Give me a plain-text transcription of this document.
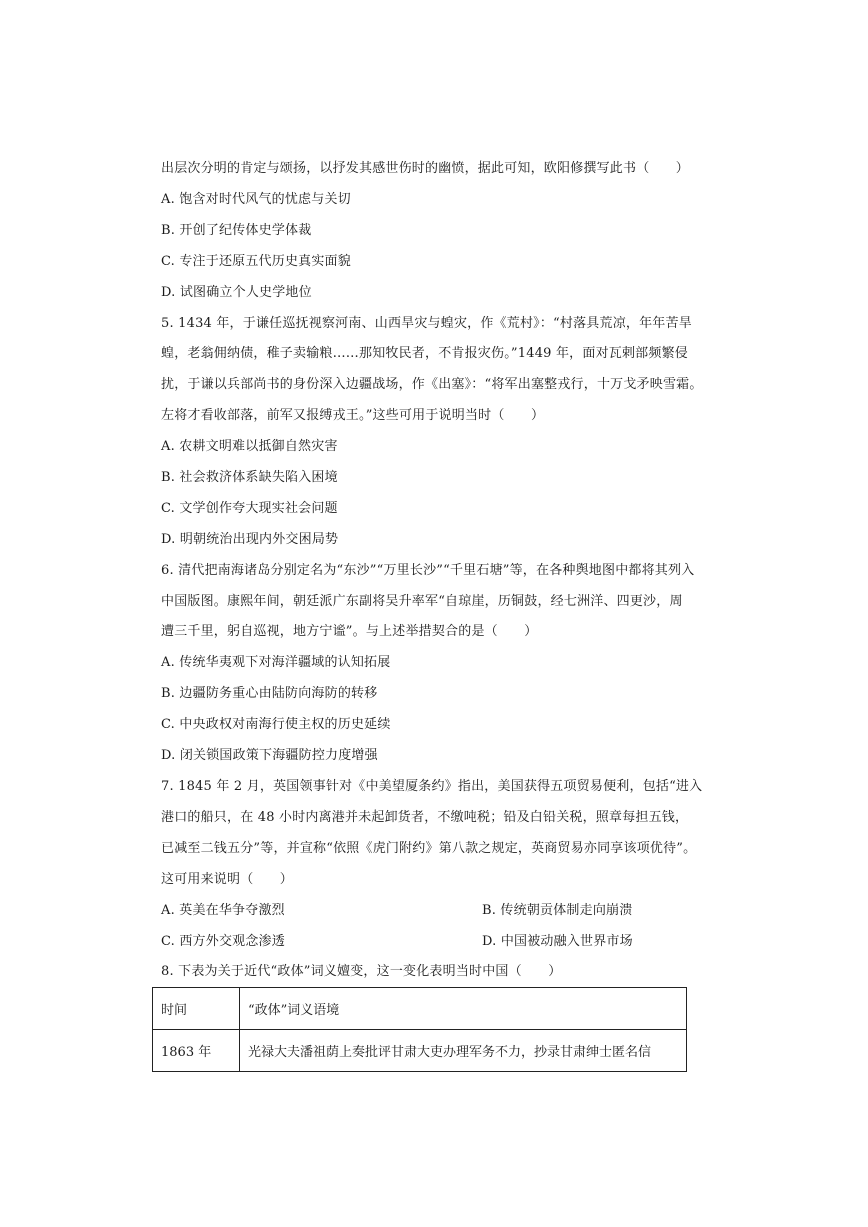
出层次分明的肯定与颂扬，以抒发其感世伤时的幽愤，据此可知，欧阳修撰写此书（　　）
A. 饱含对时代风气的忧虑与关切
B. 开创了纪传体史学体裁
C. 专注于还原五代历史真实面貌
D. 试图确立个人史学地位
5. 1434 年，于谦任巡抚视察河南、山西旱灾与蝗灾，作《荒村》：“村落具荒凉，年年苦旱
蝗，老翁佣纳债，稚子卖输粮……那知牧民者，不肯报灾伤。”1449 年，面对瓦剌部频繁侵
扰，于谦以兵部尚书的身份深入边疆战场，作《出塞》：“将军出塞整戎行，十万戈矛映雪霜。
左将才看收部落，前军又报缚戎王。”这些可用于说明当时（　　）
A. 农耕文明难以抵御自然灾害
B. 社会救济体系缺失陷入困境
C. 文学创作夸大现实社会问题
D. 明朝统治出现内外交困局势
6. 清代把南海诸岛分别定名为“东沙”“万里长沙”“千里石塘”等，在各种舆地图中都将其列入
中国版图。康熙年间，朝廷派广东副将吴升率军“自琼崖，历铜鼓，经七洲洋、四更沙，周
遭三千里，躬自巡视，地方宁谧”。与上述举措契合的是（　　）
A. 传统华夷观下对海洋疆域的认知拓展
B. 边疆防务重心由陆防向海防的转移
C. 中央政权对南海行使主权的历史延续
D. 闭关锁国政策下海疆防控力度增强
7. 1845 年 2 月，英国领事针对《中美望厦条约》指出，美国获得五项贸易便利，包括“进入
港口的船只，在 48 小时内离港并未起卸货者，不缴吨税；铅及白铅关税，照章每担五钱，
已减至二钱五分”等，并宣称“依照《虎门附约》第八款之规定，英商贸易亦同享该项优待”。
这可用来说明（　　）
A. 英美在华争夺激烈	B. 传统朝贡体制走向崩溃
C. 西方外交观念渗透	D. 中国被动融入世界市场
8. 下表为关于近代“政体”词义嬗变，这一变化表明当时中国（　　）
时间	“政体”词义语境
1863 年	光禄大夫潘祖荫上奏批评甘肃大吏办理军务不力，抄录甘肃绅士匿名信
